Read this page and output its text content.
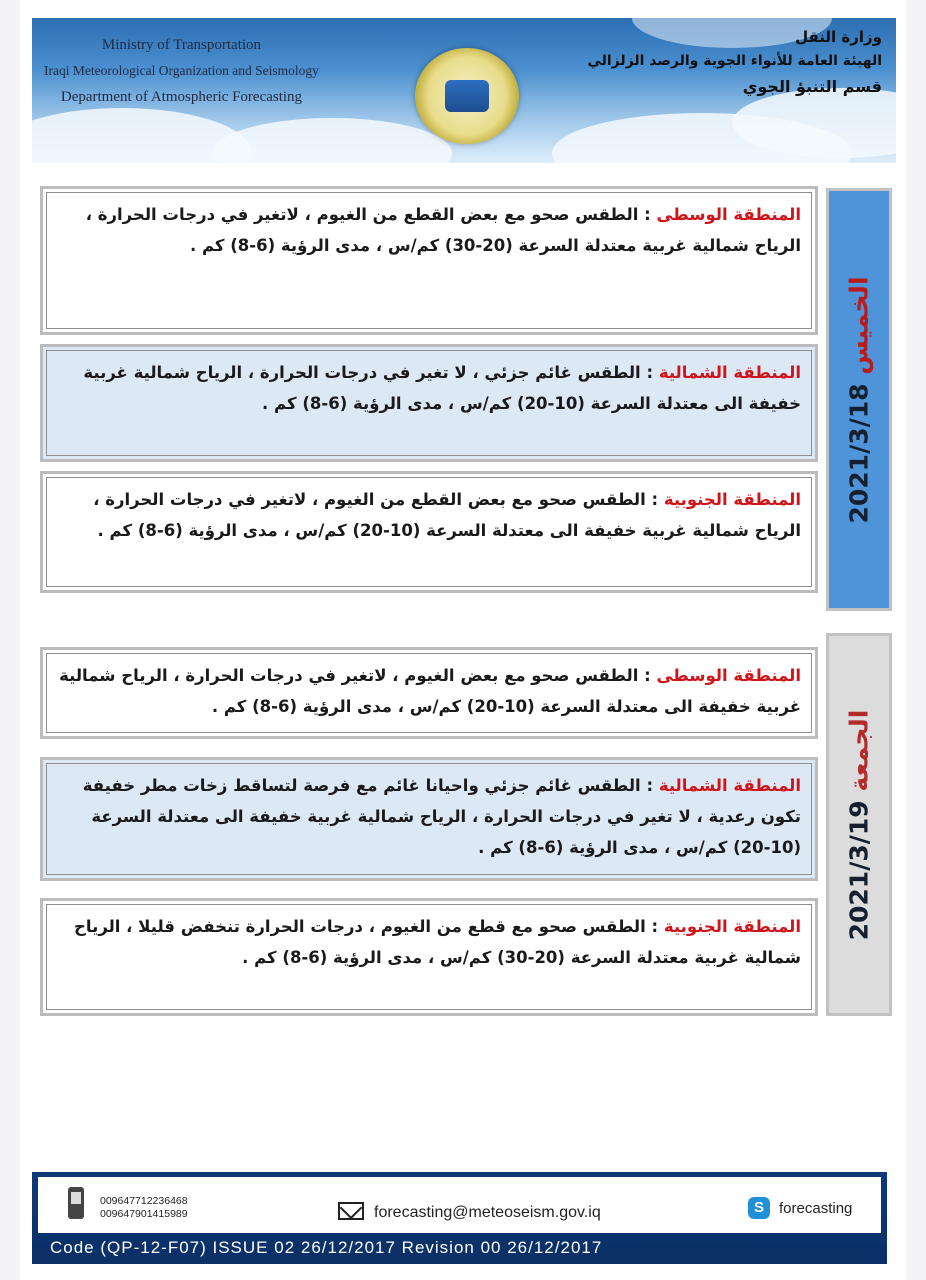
Ministry of Transportation
Iraqi Meteorological Organization and Seismology
Department of Atmospheric Forecasting
وزارة النقل
الهيئة العامة للأنواء الجوية والرصد الزلزالي
قسم التنبؤ الجوي
المنطقة الوسطى : الطقس صحو مع بعض القطع من الغيوم ، لاتغير في درجات الحرارة ، الرياح شمالية غربية معتدلة السرعة (20-30) كم/س ، مدى الرؤية (6-8) كم .
المنطقة الشمالية : الطقس غائم جزئي ، لا تغير في درجات الحرارة ، الرياح شمالية غربية خفيفة الى معتدلة السرعة (10-20) كم/س ، مدى الرؤية (6-8) كم .
المنطقة الجنوبية : الطقس صحو مع بعض القطع من الغيوم ، لاتغير في درجات الحرارة ، الرياح شمالية غربية خفيفة الى معتدلة السرعة (10-20) كم/س ، مدى الرؤية (6-8) كم .
الخميس 2021/3/18
المنطقة الوسطى : الطقس صحو مع بعض الغيوم ، لاتغير في درجات الحرارة ، الرياح شمالية غربية خفيفة الى معتدلة السرعة (10-20) كم/س ، مدى الرؤية (6-8) كم .
المنطقة الشمالية : الطقس غائم جزئي واحيانا غائم مع فرصة لتساقط زخات مطر خفيفة تكون رعدية ، لا تغير في درجات الحرارة ، الرياح شمالية غربية خفيفة الى معتدلة السرعة (10-20) كم/س ، مدى الرؤية (6-8) كم .
المنطقة الجنوبية : الطقس صحو مع قطع من الغيوم ، درجات الحرارة تنخفض قليلا ، الرياح شمالية غربية معتدلة السرعة (20-30) كم/س ، مدى الرؤية (6-8) كم .
الجمعة 2021/3/19
009647712236468
009647901415989	forecasting@meteoseism.gov.iq	S	forecasting
Code (QP-12-F07) ISSUE 02 26/12/2017 Revision 00 26/12/2017
